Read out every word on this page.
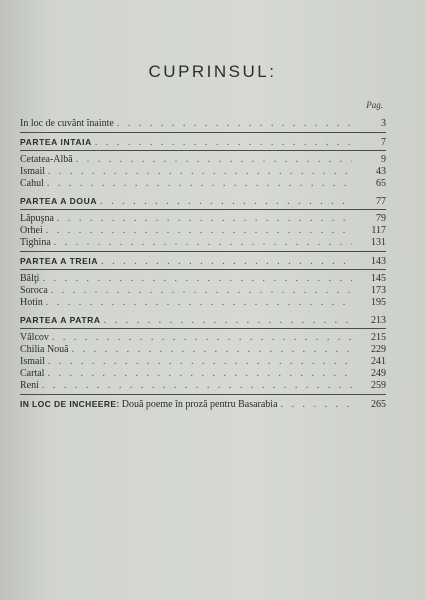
CUPRINSUL:
Pag.
In loc de cuvânt înainte . . .	3
PARTEA INTAIA . . .	7
Cetatea-Albă . . .	9
Ismail . . .	43
Cahul . . .	65
PARTEA A DOUA . . .	77
Lăpuşna . . .	79
Orhei . . .	117
Tighina . . .	131
PARTEA A TREIA . . .	143
Bălţi . . .	145
Soroca . . .	173
Hotin . . .	195
PARTEA A PATRA . . .	213
Vâlcov . . .	215
Chilia Nouă . . .	229
Ismail . . .	241
Cartal . . .	249
Reni . . .	259
IN LOC DE INCHEERE: Două poeme în proză pentru Basarabia . . .	265
